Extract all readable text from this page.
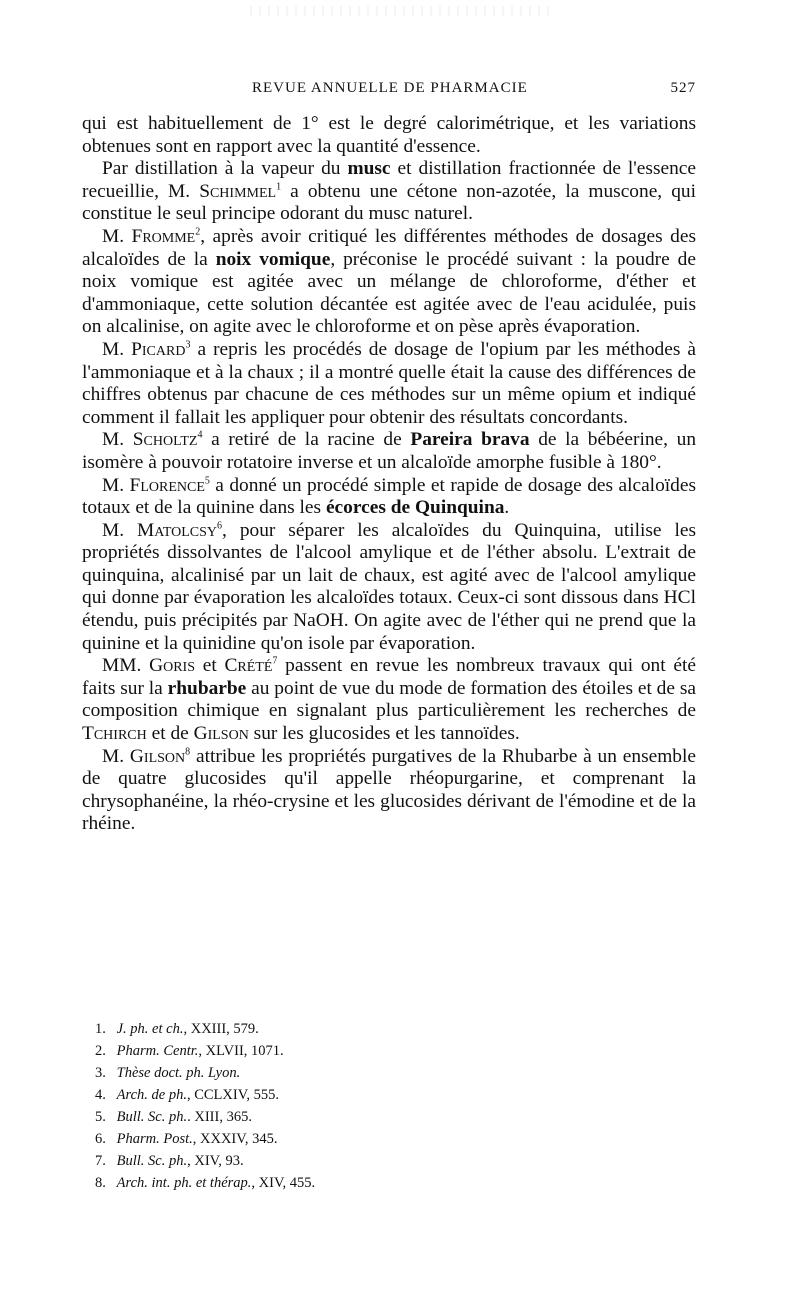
REVUE ANNUELLE DE PHARMACIE	527

qui est habituellement de 1° est le degré calorimétrique, et les variations obtenues sont en rapport avec la quantité d'essence.

Par distillation à la vapeur du musc et distillation fractionnée de l'essence recueillie, M. Schimmel$^1$ a obtenu une cétone non-azotée, la muscone, qui constitue le seul principe odorant du musc naturel.

M. Fromme$^2$, après avoir critiqué les différentes méthodes de dosages des alcaloïdes de la noix vomique, préconise le procédé suivant : la poudre de noix vomique est agitée avec un mélange de chloroforme, d'éther et d'ammoniaque, cette solution décantée est agitée avec de l'eau acidulée, puis on alcalinise, on agite avec le chloroforme et on pèse après évaporation.

M. Picard$^3$ a repris les procédés de dosage de l'opium par les méthodes à l'ammoniaque et à la chaux ; il a montré quelle était la cause des différences de chiffres obtenus par chacune de ces méthodes sur un même opium et indiqué comment il fallait les appliquer pour obtenir des résultats concordants.

M. Scholtz$^4$ a retiré de la racine de Pareira brava de la bébéerine, un isomère à pouvoir rotatoire inverse et un alcaloïde amorphe fusible à 180°.

M. Florence$^5$ a donné un procédé simple et rapide de dosage des alcaloïdes totaux et de la quinine dans les écorces de Quinquina.

M. Matolcsy$^6$, pour séparer les alcaloïdes du Quinquina, utilise les propriétés dissolvantes de l'alcool amylique et de l'éther absolu. L'extrait de quinquina, alcalinisé par un lait de chaux, est agité avec de l'alcool amylique qui donne par évaporation les alcaloïdes totaux. Ceux-ci sont dissous dans HCl étendu, puis précipités par NaOH. On agite avec de l'éther qui ne prend que la quinine et la quinidine qu'on isole par évaporation.

MM. Goris et Crété$^7$ passent en revue les nombreux travaux qui ont été faits sur la rhubarbe au point de vue du mode de formation des étoiles et de sa composition chimique en signalant plus particulièrement les recherches de Tchirch et de Gilson sur les glucosides et les tannoïdes.

M. Gilson$^8$ attribue les propriétés purgatives de la Rhubarbe à un ensemble de quatre glucosides qu'il appelle rhéopurgarine, et comprenant la chrysophanéine, la rhéo-crysine et les glucosides dérivant de l'émodine et de la rhéine.

1. J. ph. et ch., XXIII, 579.
2. Pharm. Centr., XLVII, 1071.
3. Thèse doct. ph. Lyon.
4. Arch. de ph., CCLXIV, 555.
5. Bull. Sc. ph.. XIII, 365.
6. Pharm. Post., XXXIV, 345.
7. Bull. Sc. ph., XIV, 93.
8. Arch. int. ph. et thérap., XIV, 455.
